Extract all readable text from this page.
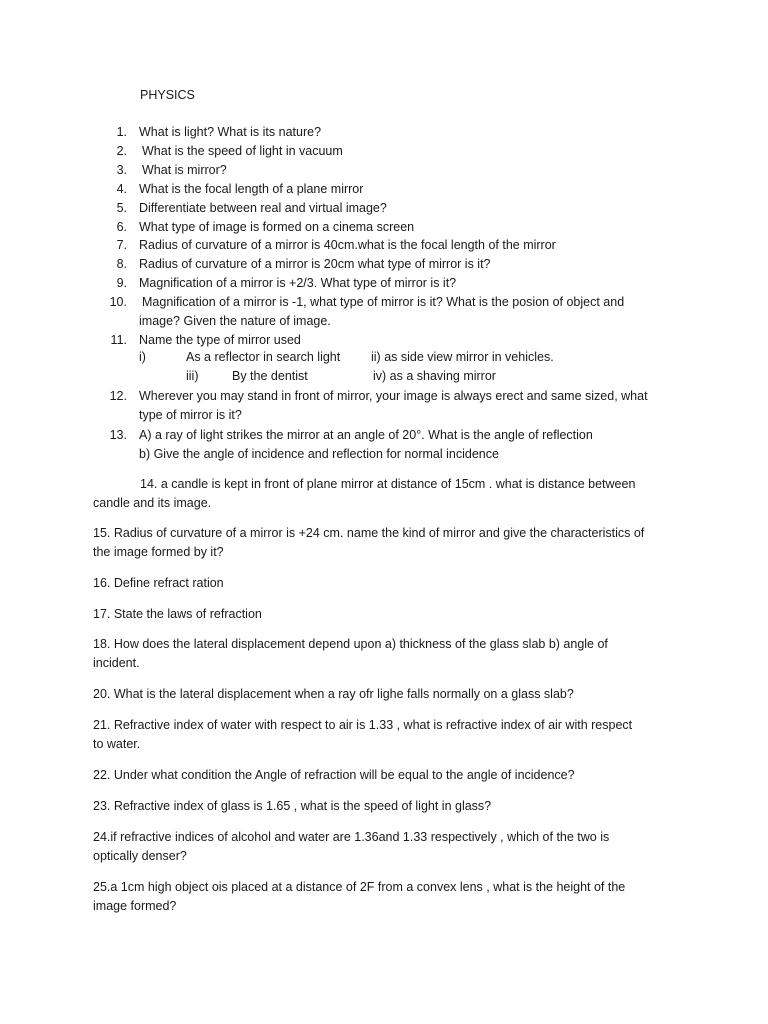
PHYSICS
1. What is light? What is its nature?
2. What is the speed of light in vacuum
3. What is mirror?
4. What is the focal length of a plane mirror
5. Differentiate between real and virtual image?
6. What type of image is formed on a cinema screen
7. Radius of curvature of a mirror is 40cm.what is the focal length of the mirror
8. Radius of curvature of a mirror is 20cm what type of mirror is it?
9. Magnification of a mirror is +2/3. What type of mirror is it?
10. Magnification of a mirror is -1, what type of mirror is it? What is the posion of object and
image? Given the nature of image.
11. Name the type of mirror used
i)	As a reflector in search light ii) as side view mirror in vehicles.
iii)	By the dentist	iv) as a shaving mirror
12. Wherever you may stand in front of mirror, your image is always erect and same sized, what
type of mirror is it?
13. A) a ray of light strikes the mirror at an angle of 20°. What is the angle of reflection
b) Give the angle of incidence and reflection for normal incidence
14. a candle is kept in front of plane mirror at distance of 15cm . what is distance between
candle and its image.
15. Radius of curvature of a mirror is +24 cm. name the kind of mirror and give the characteristics of
the image formed by it?
16. Define refract ration
17. State the laws of refraction
18. How does the lateral displacement depend upon a) thickness of the glass slab b) angle of
incident.
20. What is the lateral displacement when a ray ofr lighe falls normally on a glass slab?
21. Refractive index of water with respect to air is 1.33 , what is refractive index of air with respect
to water.
22. Under what condition the Angle of refraction will be equal to the angle of incidence?
23. Refractive index of glass is 1.65 , what is the speed of light in glass?
24.if refractive indices of alcohol and water are 1.36and 1.33 respectively , which of the two is
optically denser?
25.a 1cm high object ois placed at a distance of 2F from a convex lens , what is the height of the
image formed?
